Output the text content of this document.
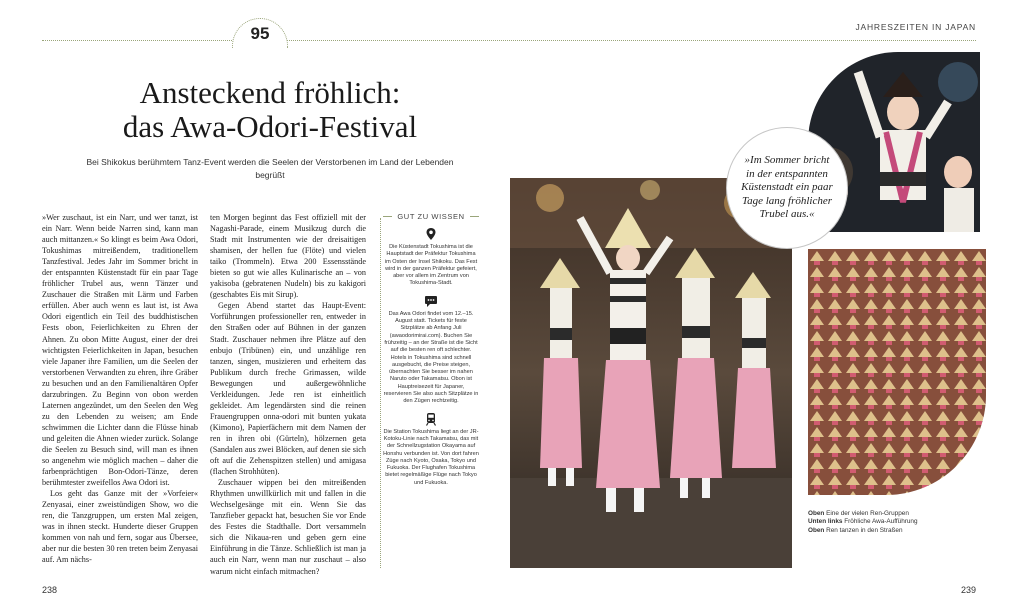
95	JAHRESZEITEN IN JAPAN
Ansteckend fröhlich:
das Awa-Odori-Festival
Bei Shikokus berühmtem Tanz-Event werden die Seelen der Verstorbenen im Land der Lebenden begrüßt

»Wer zuschaut, ist ein Narr, und wer tanzt, ist ein Narr. Wenn beide Narren sind, kann man auch mittanzen.« So klingt es beim Awa Odori, Tokushimas mitreißendem, traditionellem Tanzfestival. Jedes Jahr im Sommer bricht in der entspannten Küstenstadt für ein paar Tage fröhlicher Trubel aus, wenn Tänzer und Zuschauer die Straßen mit Lärm und Farben erfüllen. Aber auch wenn es laut ist, ist Awa Odori eigentlich ein Teil des buddhistischen Fests obon, Feierlichkeiten zu Ehren der Ahnen. Zu obon Mitte August, einer der drei wichtigsten Feierlichkeiten in Japan, besuchen viele Japaner ihre Familien, um die Seelen der verstorbenen Verwandten zu ehren, ihre Gräber zu besuchen und an den Familienaltären Opfer darzubringen. Zu Beginn von obon werden Laternen angezündet, um den Seelen den Weg zu den Lebenden zu weisen; am Ende schwimmen die Lichter dann die Flüsse hinab und geleiten die Ahnen wieder zurück. Solange die Seelen zu Besuch sind, will man es ihnen so angenehm wie möglich machen – daher die farbenprächtigen Bon-Odori-Tänze, deren berühmtester zweifellos Awa Odori ist.

Los geht das Ganze mit der »Vorfeier« Zenyasai, einer zweistündigen Show, wo die ren, die Tanzgruppen, um ersten Mal zeigen, was in ihnen steckt. Hunderte dieser Gruppen kommen von nah und fern, sogar aus Übersee, aber nur die besten 30 ren treten beim Zenyasai auf. Am nächs-

ten Morgen beginnt das Fest offiziell mit der Nagashi-Parade, einem Musikzug durch die Stadt mit Instrumenten wie der dreisaitigen shamisen, der hellen fue (Flöte) und vielen taiko (Trommeln). Etwa 200 Essensstände bieten so gut wie alles Kulinarische an – von yakisoba (gebratenen Nudeln) bis zu kakigori (geschabtes Eis mit Sirup).

Gegen Abend startet das Haupt-Event: Vorführungen professioneller ren, entweder in den Straßen oder auf Bühnen in der ganzen Stadt. Zuschauer nehmen ihre Plätze auf den enbujo (Tribünen) ein, und unzählige ren tanzen, singen, musizieren und erheitern das Publikum durch freche Grimassen, wilde Bewegungen und außergewöhnliche Verkleidungen. Jede ren ist einheitlich gekleidet. Am legendärsten sind die reinen Frauengruppen onna-odori mit bunten yukata (Kimono), Papierfächern mit dem Namen der ren in ihren obi (Gürteln), hölzernen geta (Sandalen aus zwei Blöcken, auf denen sie sich oft auf die Zehenspitzen stellen) und amigasa (flachen Strohhüten).

Zuschauer wippen bei den mitreißenden Rhythmen unwillkürlich mit und fallen in die Wechselgesänge mit ein. Wenn Sie das Tanzfieber gepackt hat, besuchen Sie vor Ende des Festes die Stadthalle. Dort versammeln sich die Nikaua-ren und geben gern eine Einführung in die Tänze. Schließlich ist man ja auch ein Narr, wenn man nur zuschaut – also warum nicht einfach mitmachen?

GUT ZU WISSEN
Die Küstenstadt Tokushima ist die Hauptstadt der Präfektur Tokushima im Osten der Insel Shikoku. Das Fest wird in der ganzen Präfektur gefeiert, aber vor allem im Zentrum von Tokushima-Stadt.
Das Awa Odori findet vom 12.–15. August statt. Tickets für feste Sitzplätze ab Anfang Juli (awaodorimirai.com). Buchen Sie frühzeitig – an der Straße ist die Sicht auf die besten ren oft schlechter. Hotels in Tokushima sind schnell ausgebucht, die Preise steigen, übernachten Sie besser im nahen Naruto oder Takamatsu. Obon ist Hauptreisezeit für Japaner, reservieren Sie also auch Sitzplätze in den Zügen rechtzeitig.
Die Station Tokushima liegt an der JR-Kotoku-Linie nach Takamatsu, das mit der Schnellzugstation Okayama auf Honshu verbunden ist. Von dort fahren Züge nach Kyoto, Osaka, Tokyo und Fukuoka. Der Flughafen Tokushima bietet regelmäßige Flüge nach Tokyo und Fukuoka.
»Im Sommer bricht in der entspannten Küstenstadt ein paar Tage lang fröhlicher Trubel aus.«
Oben Eine der vielen Ren-Gruppen
Unten links Fröhliche Awa-Aufführung
Oben Ren tanzen in den Straßen
238	239
